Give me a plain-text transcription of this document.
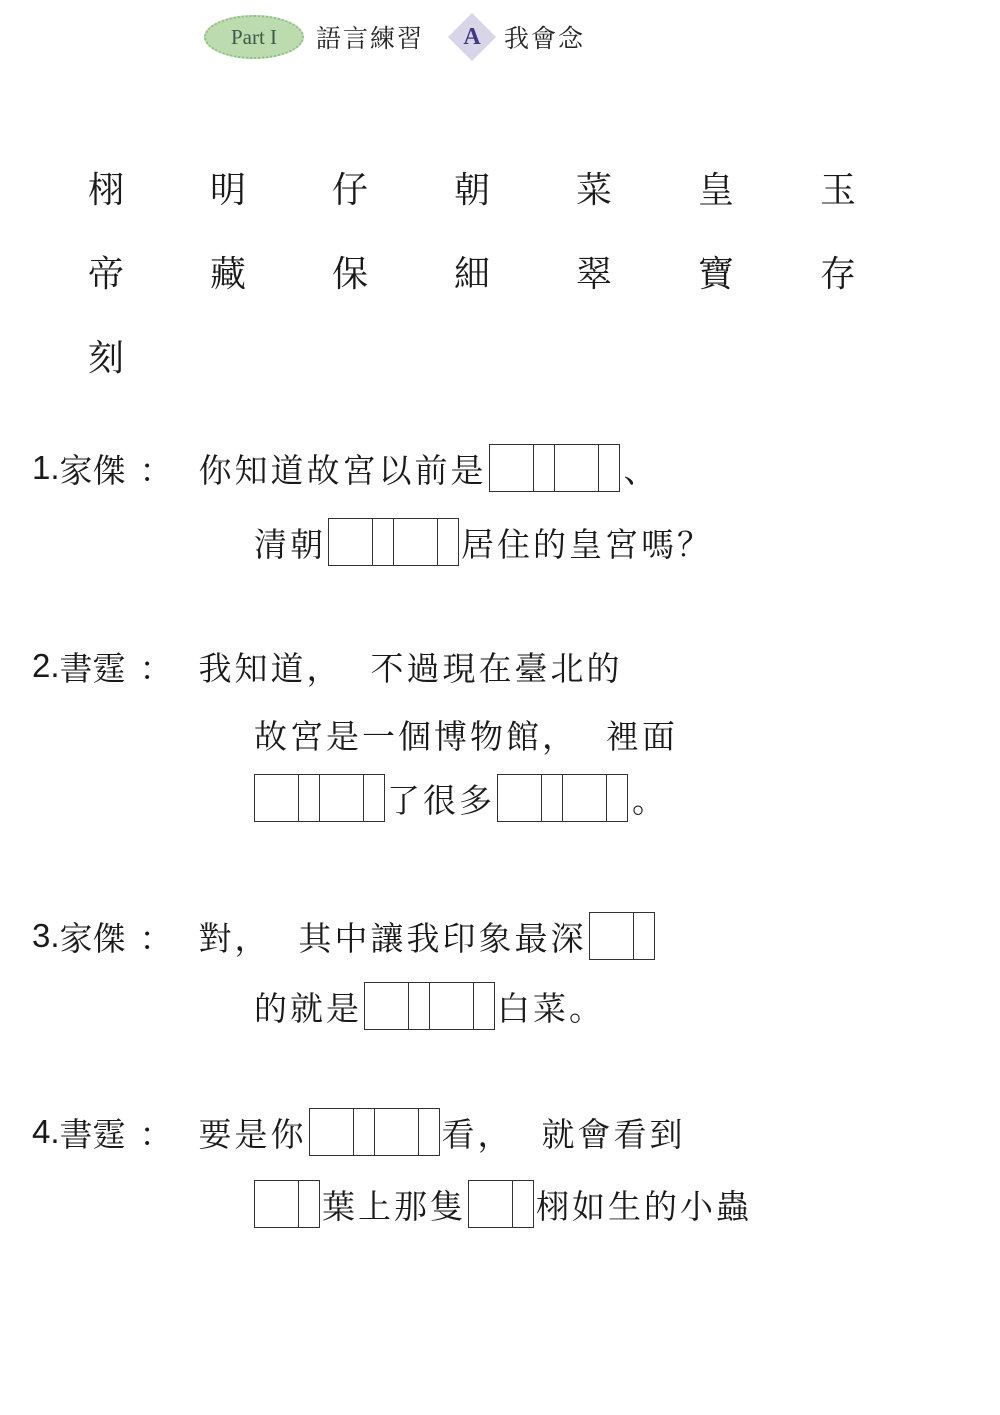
Part I	語言練習	A 我會念
栩 明 仔 朝 菜 皇 玉
帝 藏 保 細 翠 寶 存
刻
1. 家傑 ： 你知道故宮以前是	、
清朝	居住的皇宮嗎？
2. 書霆 ： 我知道， 不過現在臺北的
故宮是一個博物館， 裡面
了很多	。
3. 家傑 ： 對， 其中讓我印象最深
的就是	白菜。
4. 書霆 ： 要是你	看， 就會看到
葉上那隻 栩如生的小蟲
